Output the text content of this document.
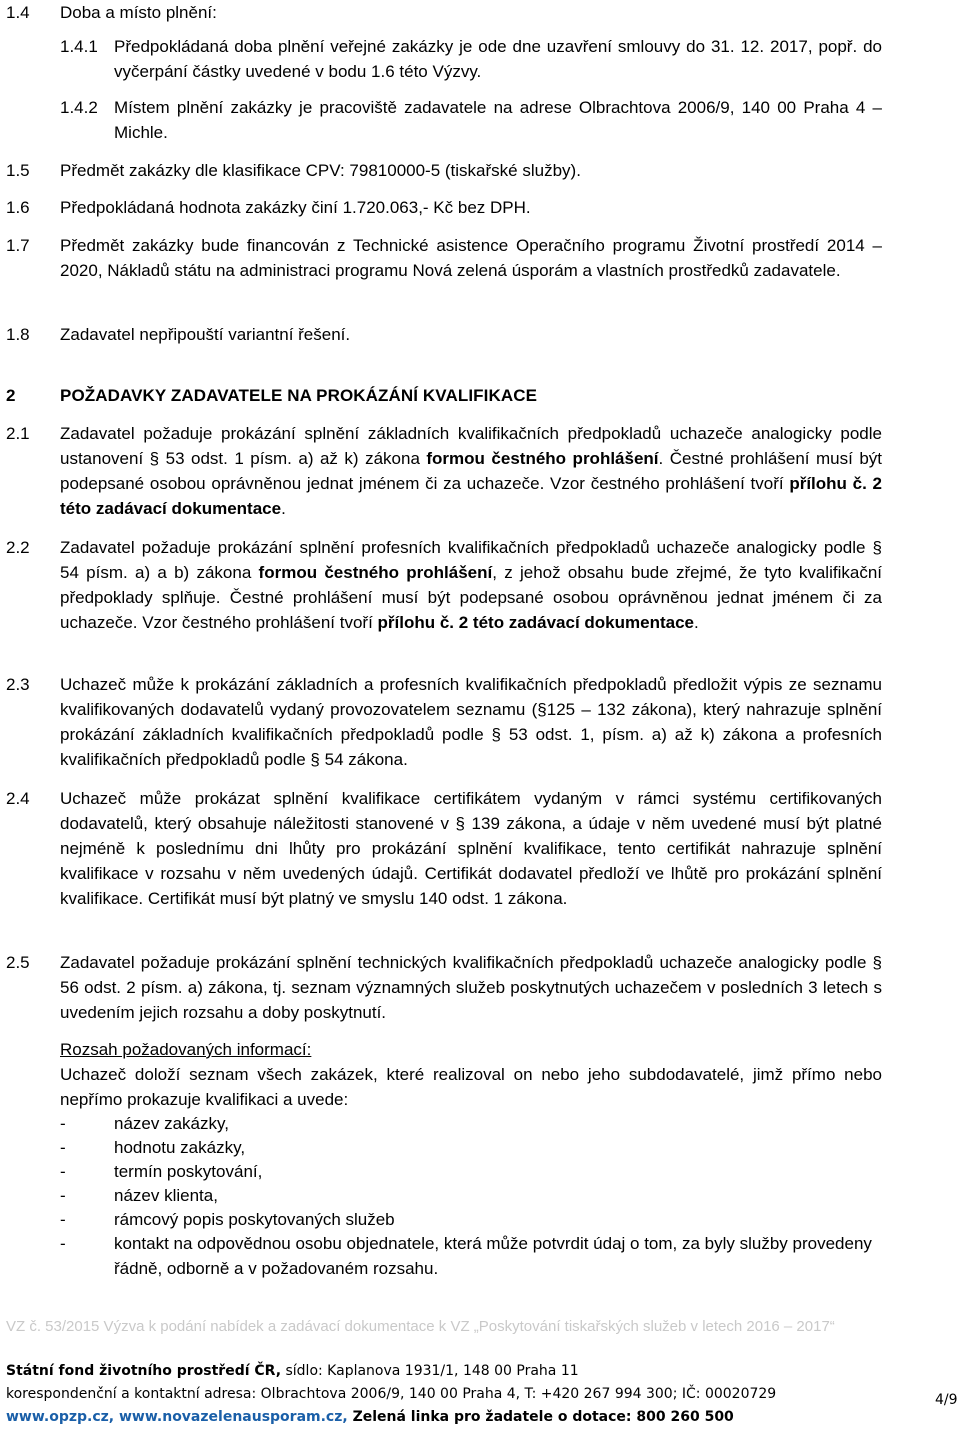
1.4 Doba a místo plnění:
1.4.1 Předpokládaná doba plnění veřejné zakázky je ode dne uzavření smlouvy do 31. 12. 2017, popř. do vyčerpání částky uvedené v bodu 1.6 této Výzvy.
1.4.2 Místem plnění zakázky je pracoviště zadavatele na adrese Olbrachtova 2006/9, 140 00 Praha 4 – Michle.
1.5 Předmět zakázky dle klasifikace CPV: 79810000-5 (tiskařské služby).
1.6 Předpokládaná hodnota zakázky činí 1.720.063,- Kč bez DPH.
1.7 Předmět zakázky bude financován z Technické asistence Operačního programu Životní prostředí 2014 – 2020, Nákladů státu na administraci programu Nová zelená úsporám a vlastních prostředků zadavatele.
1.8 Zadavatel nepřipouští variantní řešení.
2	POŽADAVKY ZADAVATELE NA PROKÁZÁNÍ KVALIFIKACE
2.1 Zadavatel požaduje prokázání splnění základních kvalifikačních předpokladů uchazeče analogicky podle ustanovení § 53 odst. 1 písm. a) až k) zákona formou čestného prohlášení. Čestné prohlášení musí být podepsané osobou oprávněnou jednat jménem či za uchazeče. Vzor čestného prohlášení tvoří přílohu č. 2 této zadávací dokumentace.
2.2 Zadavatel požaduje prokázání splnění profesních kvalifikačních předpokladů uchazeče analogicky podle § 54 písm. a) a b) zákona formou čestného prohlášení, z jehož obsahu bude zřejmé, že tyto kvalifikační předpoklady splňuje. Čestné prohlášení musí být podepsané osobou oprávněnou jednat jménem či za uchazeče. Vzor čestného prohlášení tvoří přílohu č. 2 této zadávací dokumentace.
2.3 Uchazeč může k prokázání základních a profesních kvalifikačních předpokladů předložit výpis ze seznamu kvalifikovaných dodavatelů vydaný provozovatelem seznamu (§125 – 132 zákona), který nahrazuje splnění prokázání základních kvalifikačních předpokladů podle § 53 odst. 1, písm. a) až k) zákona a profesních kvalifikačních předpokladů podle § 54 zákona.
2.4 Uchazeč může prokázat splnění kvalifikace certifikátem vydaným v rámci systému certifikovaných dodavatelů, který obsahuje náležitosti stanovené v § 139 zákona, a údaje v něm uvedené musí být platné nejméně k poslednímu dni lhůty pro prokázání splnění kvalifikace, tento certifikát nahrazuje splnění kvalifikace v rozsahu v něm uvedených údajů. Certifikát dodavatel předloží ve lhůtě pro prokázání splnění kvalifikace. Certifikát musí být platný ve smyslu 140 odst. 1 zákona.
2.5 Zadavatel požaduje prokázání splnění technických kvalifikačních předpokladů uchazeče analogicky podle § 56 odst. 2 písm. a) zákona, tj. seznam významných služeb poskytnutých uchazečem v posledních 3 letech s uvedením jejich rozsahu a doby poskytnutí.
Rozsah požadovaných informací:
Uchazeč doloží seznam všech zakázek, které realizoval on nebo jeho subdodavatelé, jimž přímo nebo nepřímo prokazuje kvalifikaci a uvede:
-	název zakázky,
-	hodnotu zakázky,
-	termín poskytování,
-	název klienta,
-	rámcový popis poskytovaných služeb
-	kontakt na odpovědnou osobu objednatele, která může potvrdit údaj o tom, za byly služby provedeny řádně, odborně a v požadovaném rozsahu.
VZ č. 53/2015 Výzva k podání nabídek a zadávací dokumentace k VZ „Poskytování tiskařských služeb v letech 2016 – 2017“
Státní fond životního prostředí ČR, sídlo: Kaplanova 1931/1, 148 00 Praha 11
korespondenční a kontaktní adresa: Olbrachtova 2006/9, 140 00 Praha 4, T: +420 267 994 300; IČ: 00020729
www.opzp.cz, www.novazelenausporam.cz, Zelená linka pro žadatele o dotace: 800 260 500
4/9
